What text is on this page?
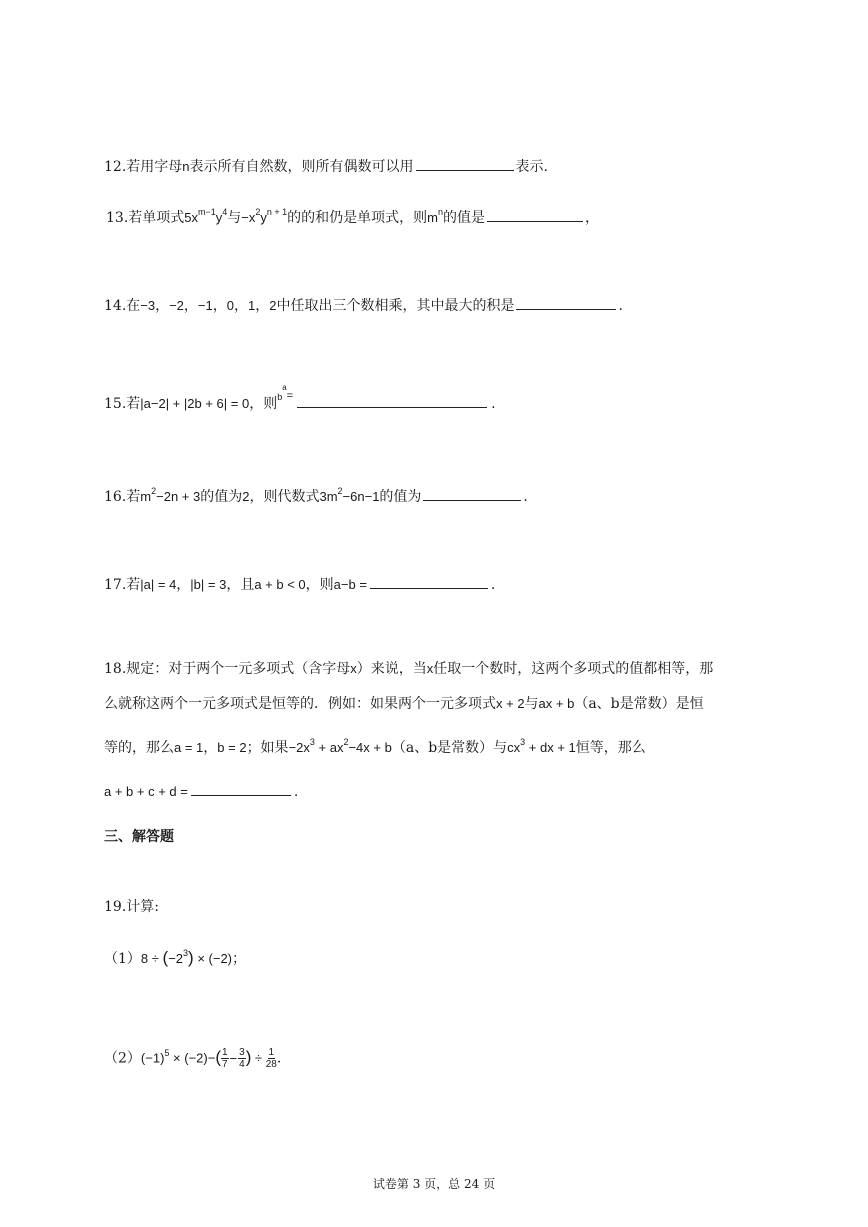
12.若用字母n表示所有自然数，则所有偶数可以用	表示.
13.若单项式$5x^{m-1}y^4$与$-x^2y^{n + 1}$的的和仍是单项式，则$m^n$的值是	，
14.在−3，−2，−1，0，1，2中任取出三个数相乘，其中最大的积是	.
15.若|a−2| + |2b + 6| = 0，则$^{ba=}$	.
16.若$m^2-2n + 3$的值为2，则代数式$3m^2-6n-1$的值为	.
17.若|a| = 4，|b| = 3，且a + b < 0，则a−b =	.
18.规定：对于两个一元多项式（含字母x）来说，当x任取一个数时，这两个多项式的值都相等，那
么就称这两个一元多项式是恒等的．例如：如果两个一元多项式x + 2与ax + b（a、b是常数）是恒
等的，那么a = 1，b = 2；如果$-2x^3 + ax^2-4x + b(a$、b是常数）与$cx^3$ + dx + 1恒等，那么
a + b + c + d =	.
三、解答题
19.计算:
$(1)8 \div (-2^3) \times (-2)$；
$(2)(-1)^5 \times (-2)-( \frac{1}{7} - \frac{3}{4}$ ) ÷ $\frac{1}{28}$ .
试卷第 3 页，总 24 页
